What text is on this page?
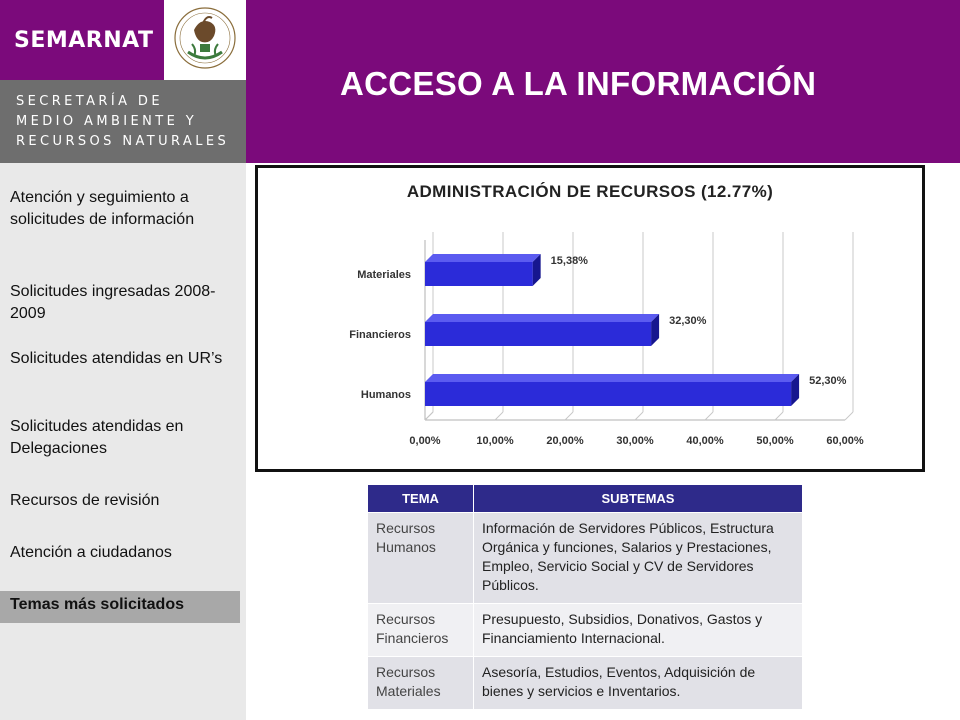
SEMARNAT
SECRETARÍA DE
MEDIO AMBIENTE Y
RECURSOS NATURALES
ACCESO A LA INFORMACIÓN
Atención y seguimiento a solicitudes de información
Solicitudes ingresadas 2008-2009
Solicitudes atendidas en UR’s
Solicitudes atendidas en Delegaciones
Recursos de revisión
Atención a ciudadanos
Temas más solicitados
ADMINISTRACIÓN DE RECURSOS (12.77%)
0,00%	10,00%	20,00%	30,00%	40,00%	50,00%	60,00%
Materiales
15,38%
Financieros
32,30%
Humanos
52,30%
TEMA	SUBTEMAS
Recursos Humanos	Información de Servidores Públicos, Estructura Orgánica y funciones, Salarios y Prestaciones, Empleo, Servicio Social y CV de Servidores Públicos.
Recursos Financieros	Presupuesto, Subsidios, Donativos, Gastos y Financiamiento Internacional.
Recursos Materiales	Asesoría, Estudios, Eventos, Adquisición de bienes y servicios e Inventarios.
